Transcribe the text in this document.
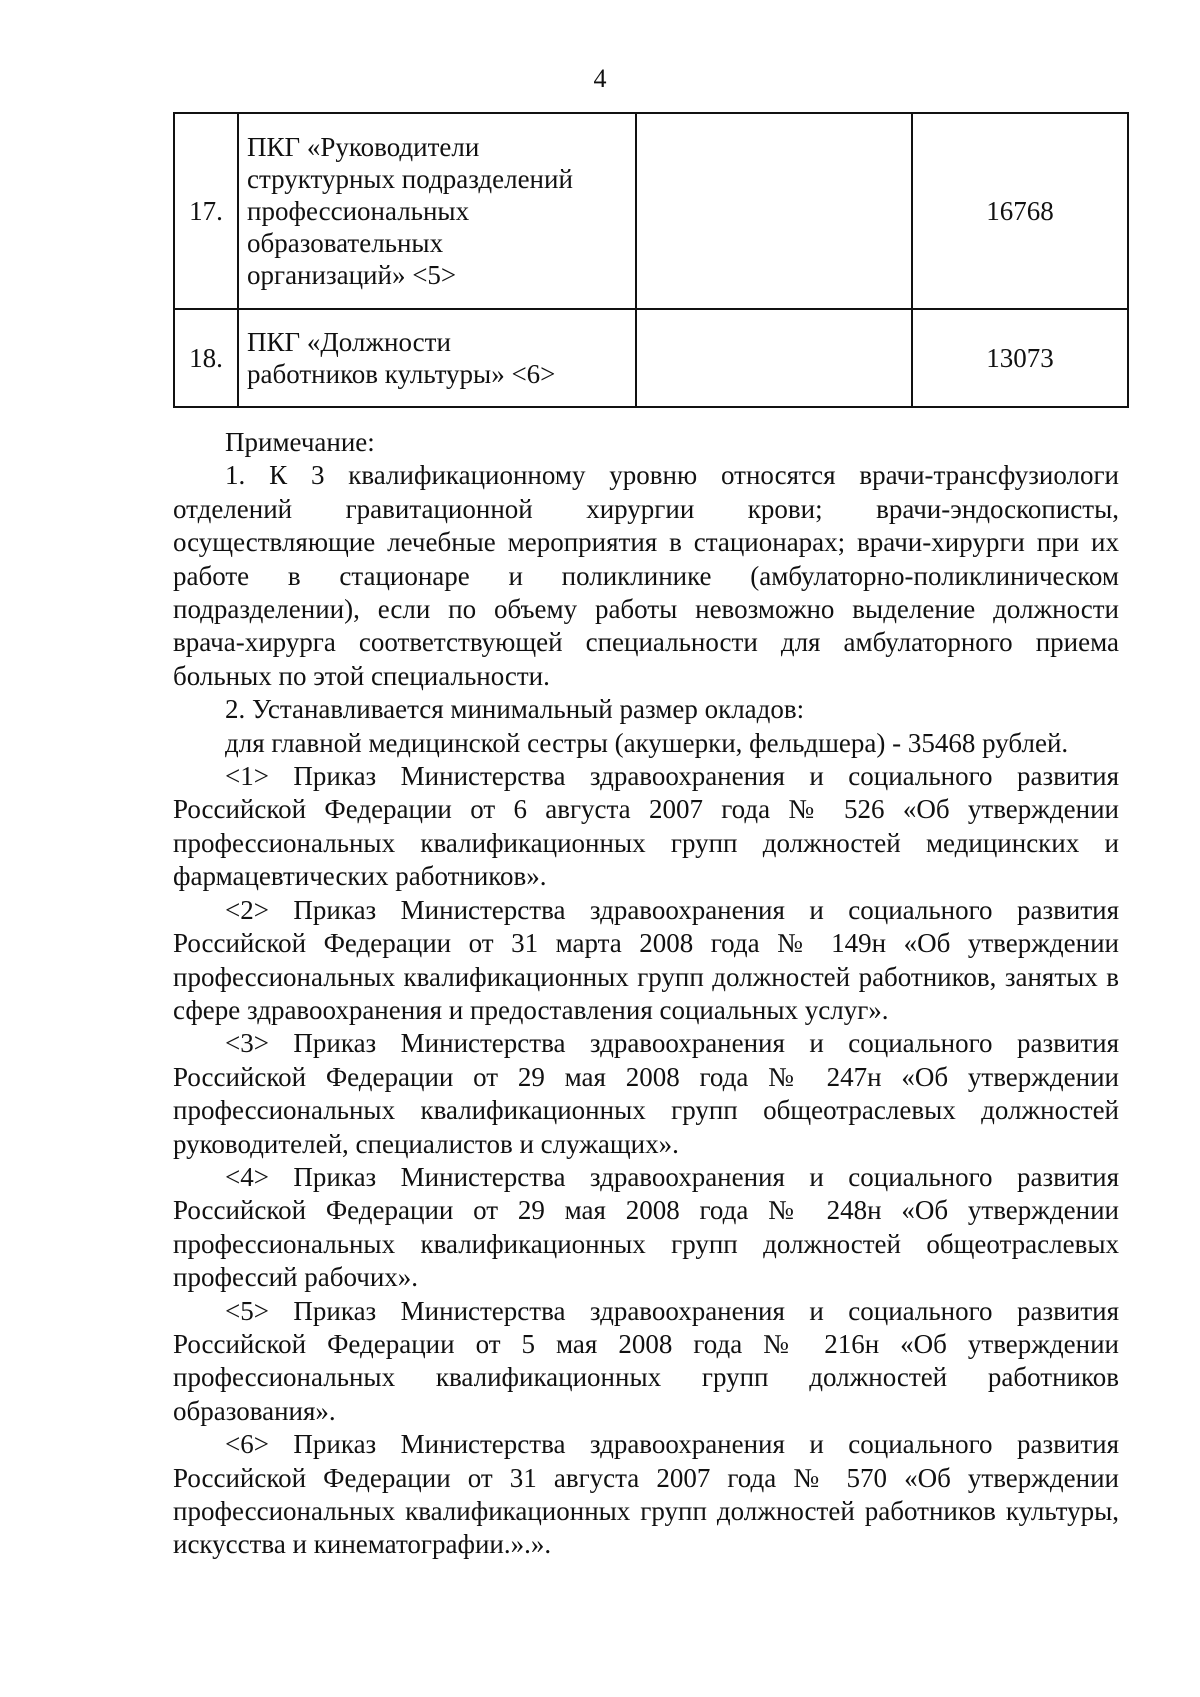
4
17.	ПКГ «Руководители
структурных подразделений
профессиональных
образовательных
организаций» <5>		16768
18.	ПКГ «Должности
работников культуры» <6>		13073

Примечание:

1. К 3 квалификационному уровню относятся врачи-трансфузиологи отделений гравитационной хирургии крови; врачи-эндоскописты, осуществляющие лечебные мероприятия в стационарах; врачи-хирурги при их работе в стационаре и поликлинике (амбулаторно-поликлиническом подразделении), если по объему работы невозможно выделение должности врача-хирурга соответствующей специальности для амбулаторного приема больных по этой специальности.

2. Устанавливается минимальный размер окладов:

для главной медицинской сестры (акушерки, фельдшера) - 35468 рублей.

<1> Приказ Министерства здравоохранения и социального развития Российской Федерации от 6 августа 2007 года № 526 «Об утверждении профессиональных квалификационных групп должностей медицинских и фармацевтических работников».

<2> Приказ Министерства здравоохранения и социального развития Российской Федерации от 31 марта 2008 года № 149н «Об утверждении профессиональных квалификационных групп должностей работников, занятых в сфере здравоохранения и предоставления социальных услуг».

<3> Приказ Министерства здравоохранения и социального развития Российской Федерации от 29 мая 2008 года № 247н «Об утверждении профессиональных квалификационных групп общеотраслевых должностей руководителей, специалистов и служащих».

<4> Приказ Министерства здравоохранения и социального развития Российской Федерации от 29 мая 2008 года № 248н «Об утверждении профессиональных квалификационных групп должностей общеотраслевых профессий рабочих».

<5> Приказ Министерства здравоохранения и социального развития Российской Федерации от 5 мая 2008 года № 216н «Об утверждении профессиональных квалификационных групп должностей работников образования».

<6> Приказ Министерства здравоохранения и социального развития Российской Федерации от 31 августа 2007 года № 570 «Об утверждении профессиональных квалификационных групп должностей работников культуры, искусства и кинематографии.».».
